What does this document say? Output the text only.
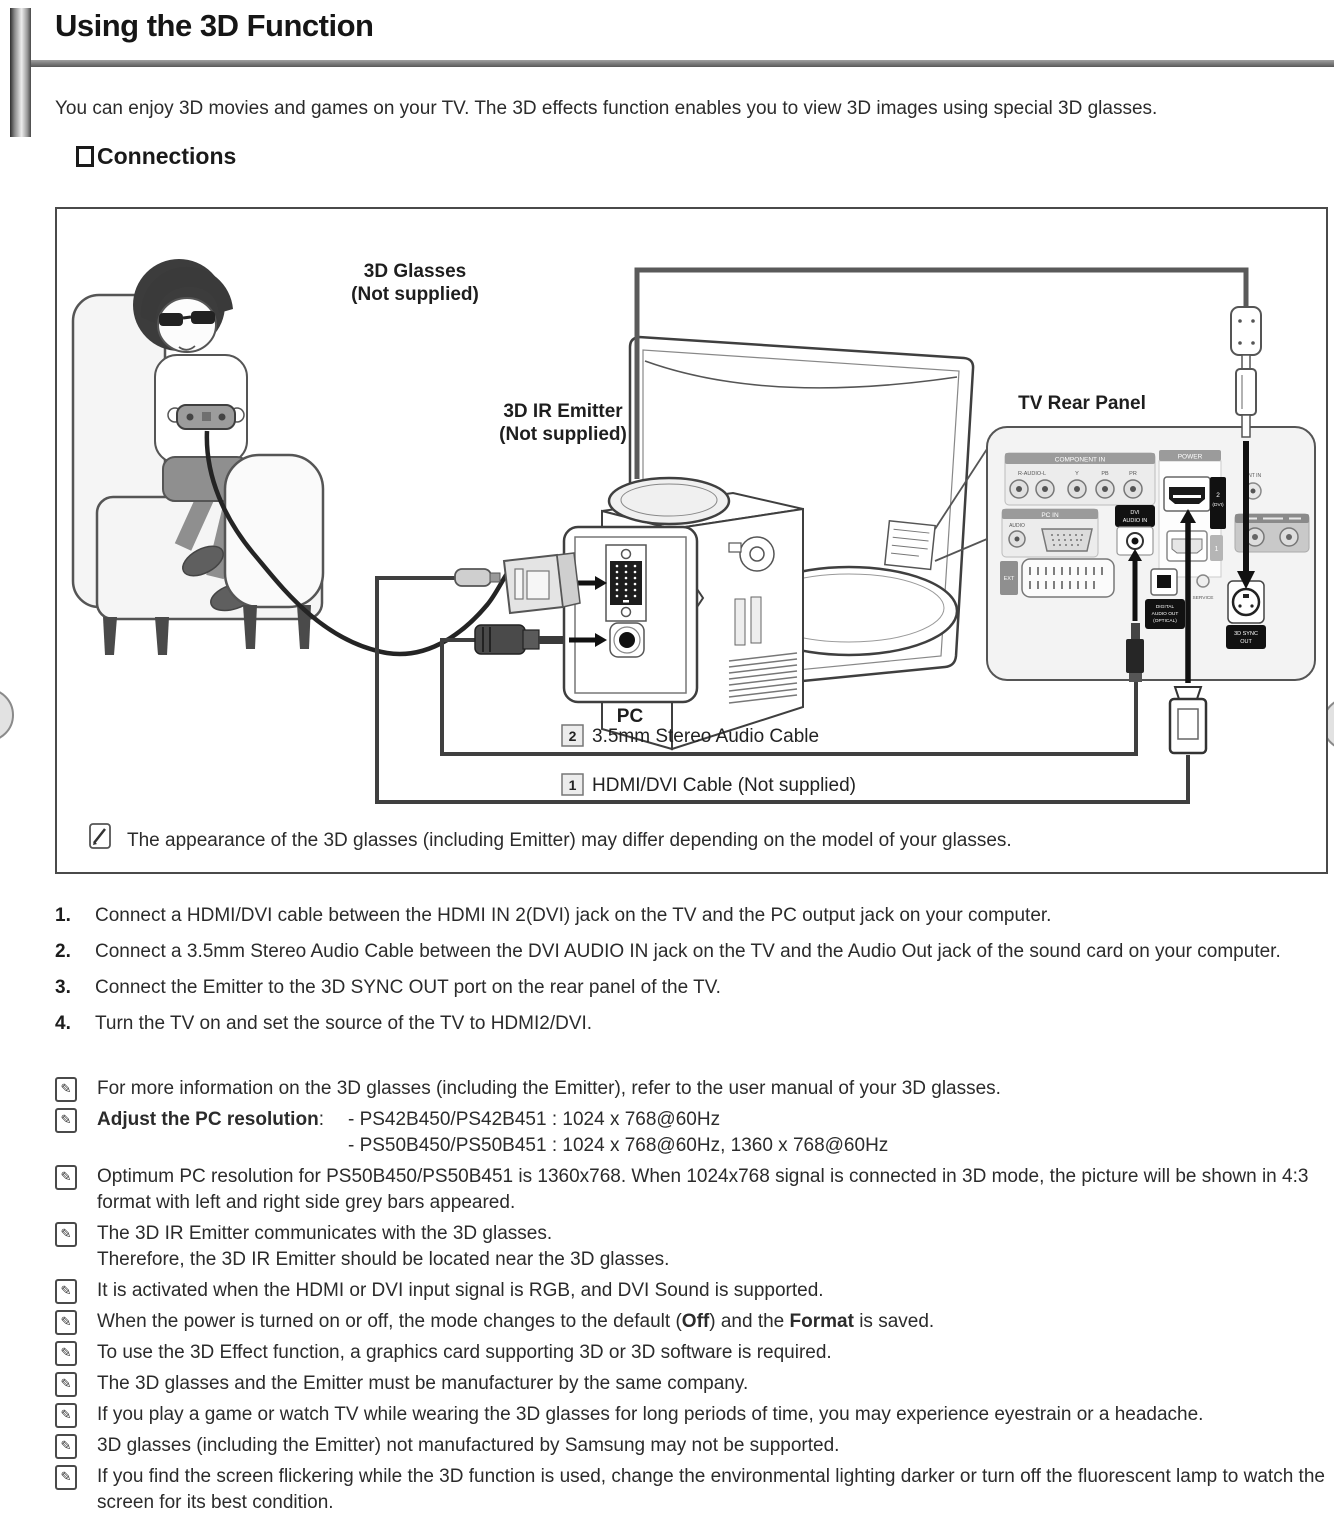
Using the 3D Function
You can enjoy 3D movies and games on your TV. The 3D effects function enables you to view 3D images using special 3D glasses.
Connections
3D Glasses
(Not supplied)
3D IR Emitter
(Not supplied)
TV Rear Panel
PC
2 3.5mm Stereo Audio Cable
1 HDMI/DVI Cable (Not supplied)
COMPONENT IN
R-AUDIO-L	Y	PB	PR
PC IN
AUDIO
DVI
AUDIO IN
EXT
POWER
2
(DVI)
1
ANT IN
DIGITAL
AUDIO OUT
(OPTICAL)
SERVICE
3D SYNC
OUT
The appearance of the 3D glasses (including Emitter) may differ depending on the model of your glasses.
1.	Connect a HDMI/DVI cable between the HDMI IN 2(DVI) jack on the TV and the PC output jack on your computer.
2.	Connect a 3.5mm Stereo Audio Cable between the DVI AUDIO IN jack on the TV and the Audio Out jack of the sound card on your computer.
3.	Connect the Emitter to the 3D SYNC OUT port on the rear panel of the TV.
4.	Turn the TV on and set the source of the TV to HDMI2/DVI.
✎ For more information on the 3D glasses (including the Emitter), refer to the user manual of your 3D glasses.
✎ Adjust the PC resolution: - PS42B450/PS42B451 : 1024 x 768@60Hz
- PS50B450/PS50B451 : 1024 x 768@60Hz, 1360 x 768@60Hz
✎ Optimum PC resolution for PS50B450/PS50B451 is 1360x768. When 1024x768 signal is connected in 3D mode, the picture will be shown in 4:3 format with left and right side grey bars appeared.
✎ The 3D IR Emitter communicates with the 3D glasses.
Therefore, the 3D IR Emitter should be located near the 3D glasses.
✎ It is activated when the HDMI or DVI input signal is RGB, and DVI Sound is supported.
✎ When the power is turned on or off, the mode changes to the default (Off) and the Format is saved.
✎ To use the 3D Effect function, a graphics card supporting 3D or 3D software is required.
✎ The 3D glasses and the Emitter must be manufacturer by the same company.
✎ If you play a game or watch TV while wearing the 3D glasses for long periods of time, you may experience eyestrain or a headache.
✎ 3D glasses (including the Emitter) not manufactured by Samsung may not be supported.
✎ If you find the screen flickering while the 3D function is used, change the environmental lighting darker or turn off the fluorescent lamp to watch the screen for its best condition.
